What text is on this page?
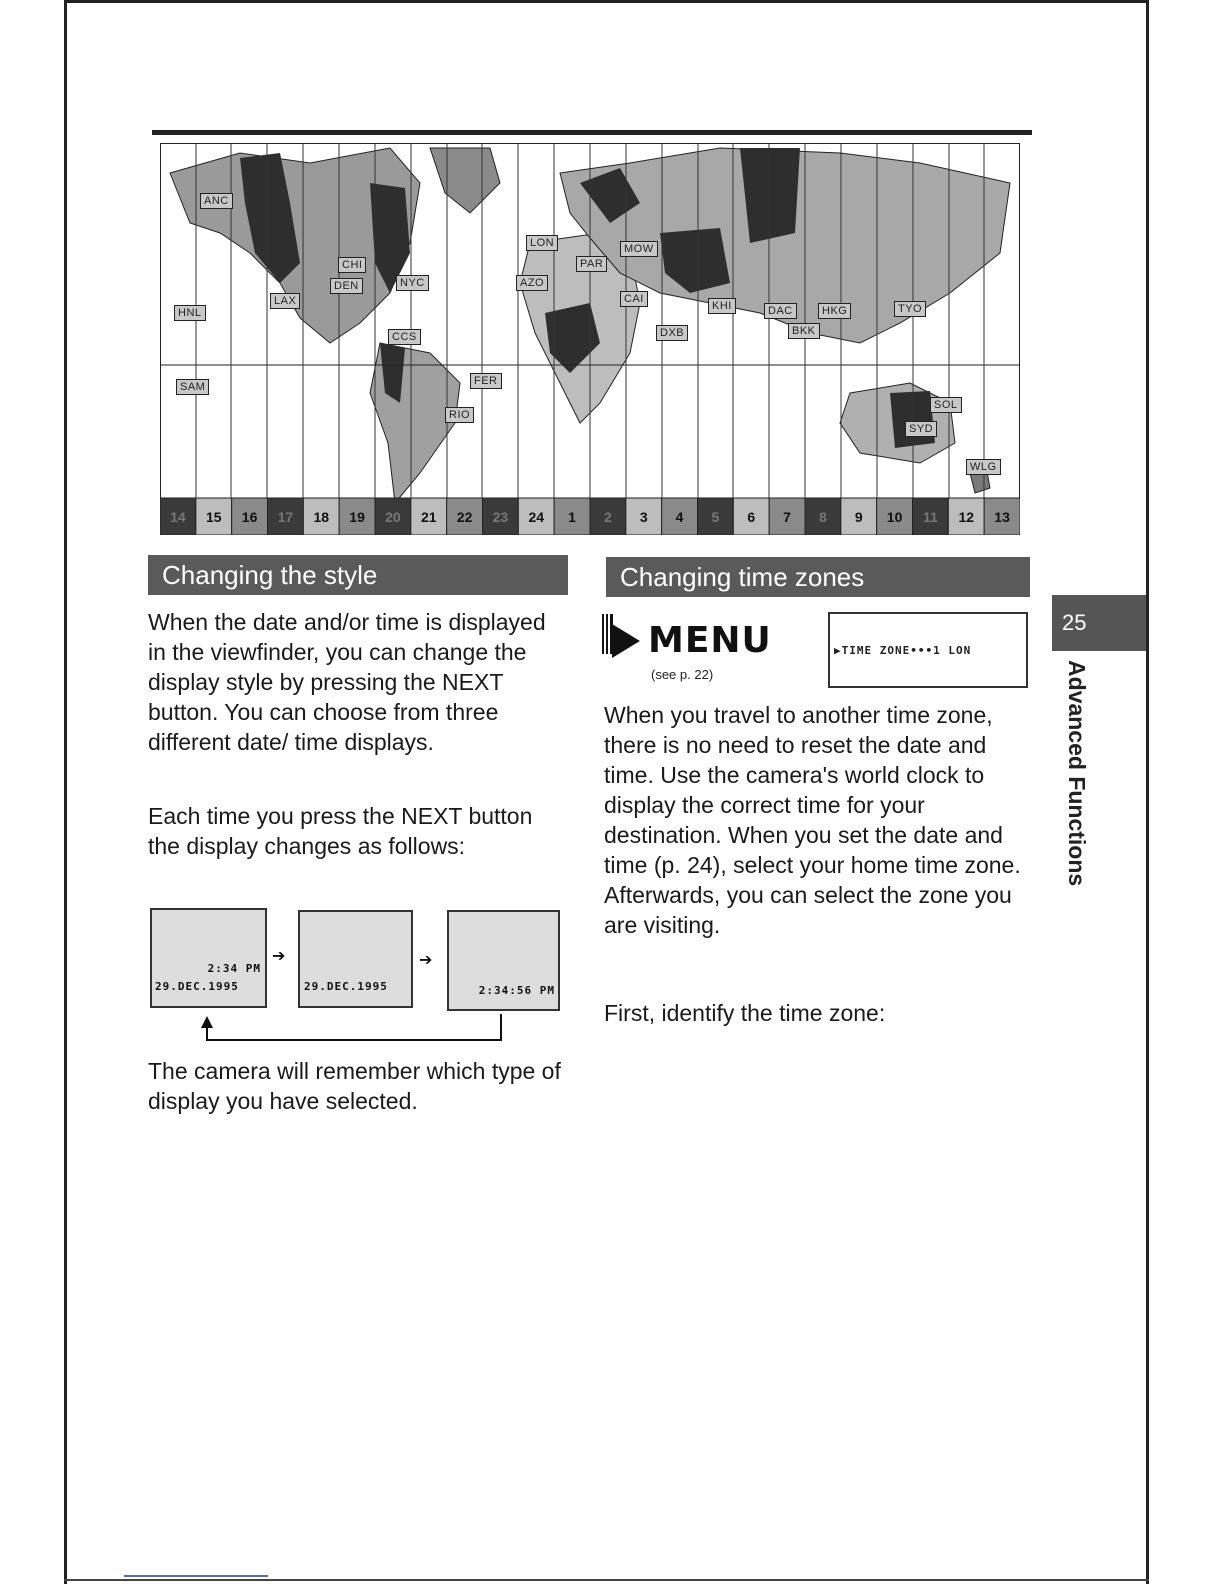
14 15 16 17 18 19 20 21 22 23 24 1 2 3 4 5 6 7 8 9 10 11 12 13
ANC
HNL
SAM
LAX
CHI
DEN	NYC
CCS
FER
RIO
LON
PAR
AZO
MOW
CAI
DXB
KHI	DAC	HKG
BKK
TYO
SOL
SYD
WLG
Changing the style

When the date and/or time is displayed in the viewfinder, you can change the display style by pressing the NEXT button. You can choose from three different date/ time displays.

Each time you press the NEXT button the display changes as follows:

2:34 PM
29.DEC.1995
➔
29.DEC.1995
➔
2:34:56 PM

The camera will remember which type of display you have selected.

Changing time zones
MENU
(see p. 22)
▶TIME ZONE•••1 LON

When you travel to another time zone, there is no need to reset the date and time. Use the camera's world clock to display the correct time for your destination. When you set the date and time (p. 24), select your home time zone. Afterwards, you can select the zone you are visiting.

First, identify the time zone:

25
Advanced Functions
